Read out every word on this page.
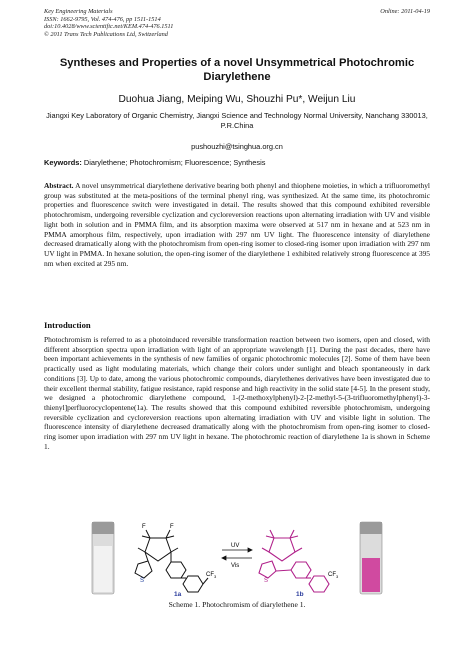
Key Engineering Materials
ISSN: 1662-9795, Vol. 474-476, pp 1511-1514
doi:10.4028/www.scientific.net/KEM.474-476.1511
© 2011 Trans Tech Publications Ltd, Switzerland
Online: 2011-04-19
Syntheses and Properties of a novel Unsymmetrical Photochromic Diarylethene
Duohua Jiang, Meiping Wu, Shouzhi Pu*, Weijun Liu
Jiangxi Key Laboratory of Organic Chemistry, Jiangxi Science and Technology Normal University, Nanchang 330013, P.R.China
pushouzhi@tsinghua.org.cn
Keywords: Diarylethene; Photochromism; Fluorescence; Synthesis
Abstract. A novel unsymmetrical diarylethene derivative bearing both phenyl and thiophene moieties, in which a trifluoromethyl group was substituted at the meta-positions of the terminal phenyl ring, was synthesized. At the same time, its photochromic properties and fluorescence switch were investigated in detail. The results showed that this compound exhibited reversible photochromism, undergoing reversible cyclization and cycloreversion reactions upon alternating irradiation with UV and visible light both in solution and in PMMA film, and its absorption maxima were observed at 517 nm in hexane and at 523 nm in PMMA amorphous film, respectively, upon irradiation with 297 nm UV light. The fluorescence intensity of diarylethene decreased dramatically along with the photochromism from open-ring isomer to closed-ring isomer upon irradiation with 297 nm UV light in PMMA. In hexane solution, the open-ring isomer of the diarylethene 1 exhibited relatively strong fluorescence at 395 nm when excited at 295 nm.
Introduction
Photochromism is referred to as a photoinduced reversible transformation reaction between two isomers, open and closed, with different absorption spectra upon irradiation with light of an appropriate wavelength [1]. During the past decades, there have been important achievements in the synthesis of new families of organic photochromic molecules [2]. Some of them have been practically used as light modulating materials, which change their colors under sunlight and bleach spontaneously in dark conditions [3]. Up to date, among the various photochromic compounds, diarylethenes derivatives have been investigated due to their excellent thermal stability, fatigue resistance, rapid response and high reactivity in the solid state [4-5]. In the present study, we designed a photochromic diarylethene compound, 1-(2-methoxylphenyl)-2-[2-methyl-5-(3-trifluoromethylphenyl)-3-thienyl]perfluorocyclopentene(1a). The results showed that this compound exhibited reversible photochromism, undergoing reversible cyclization and cycloreversion reactions upon alternating irradiation with UV and visible light in solution. The fluorescence intensity of diarylethene decreased dramatically along with the photochromism from open-ring isomer to closed-ring isomer upon irradiation with 297 nm UV light in hexane. The photochromic reaction of diarylethene 1a is shown in Scheme 1.
F	F
S
$CF_3$
1a
UV
Vis
S
$CF_3$
1b
Scheme 1. Photochromism of diarylethene 1.
